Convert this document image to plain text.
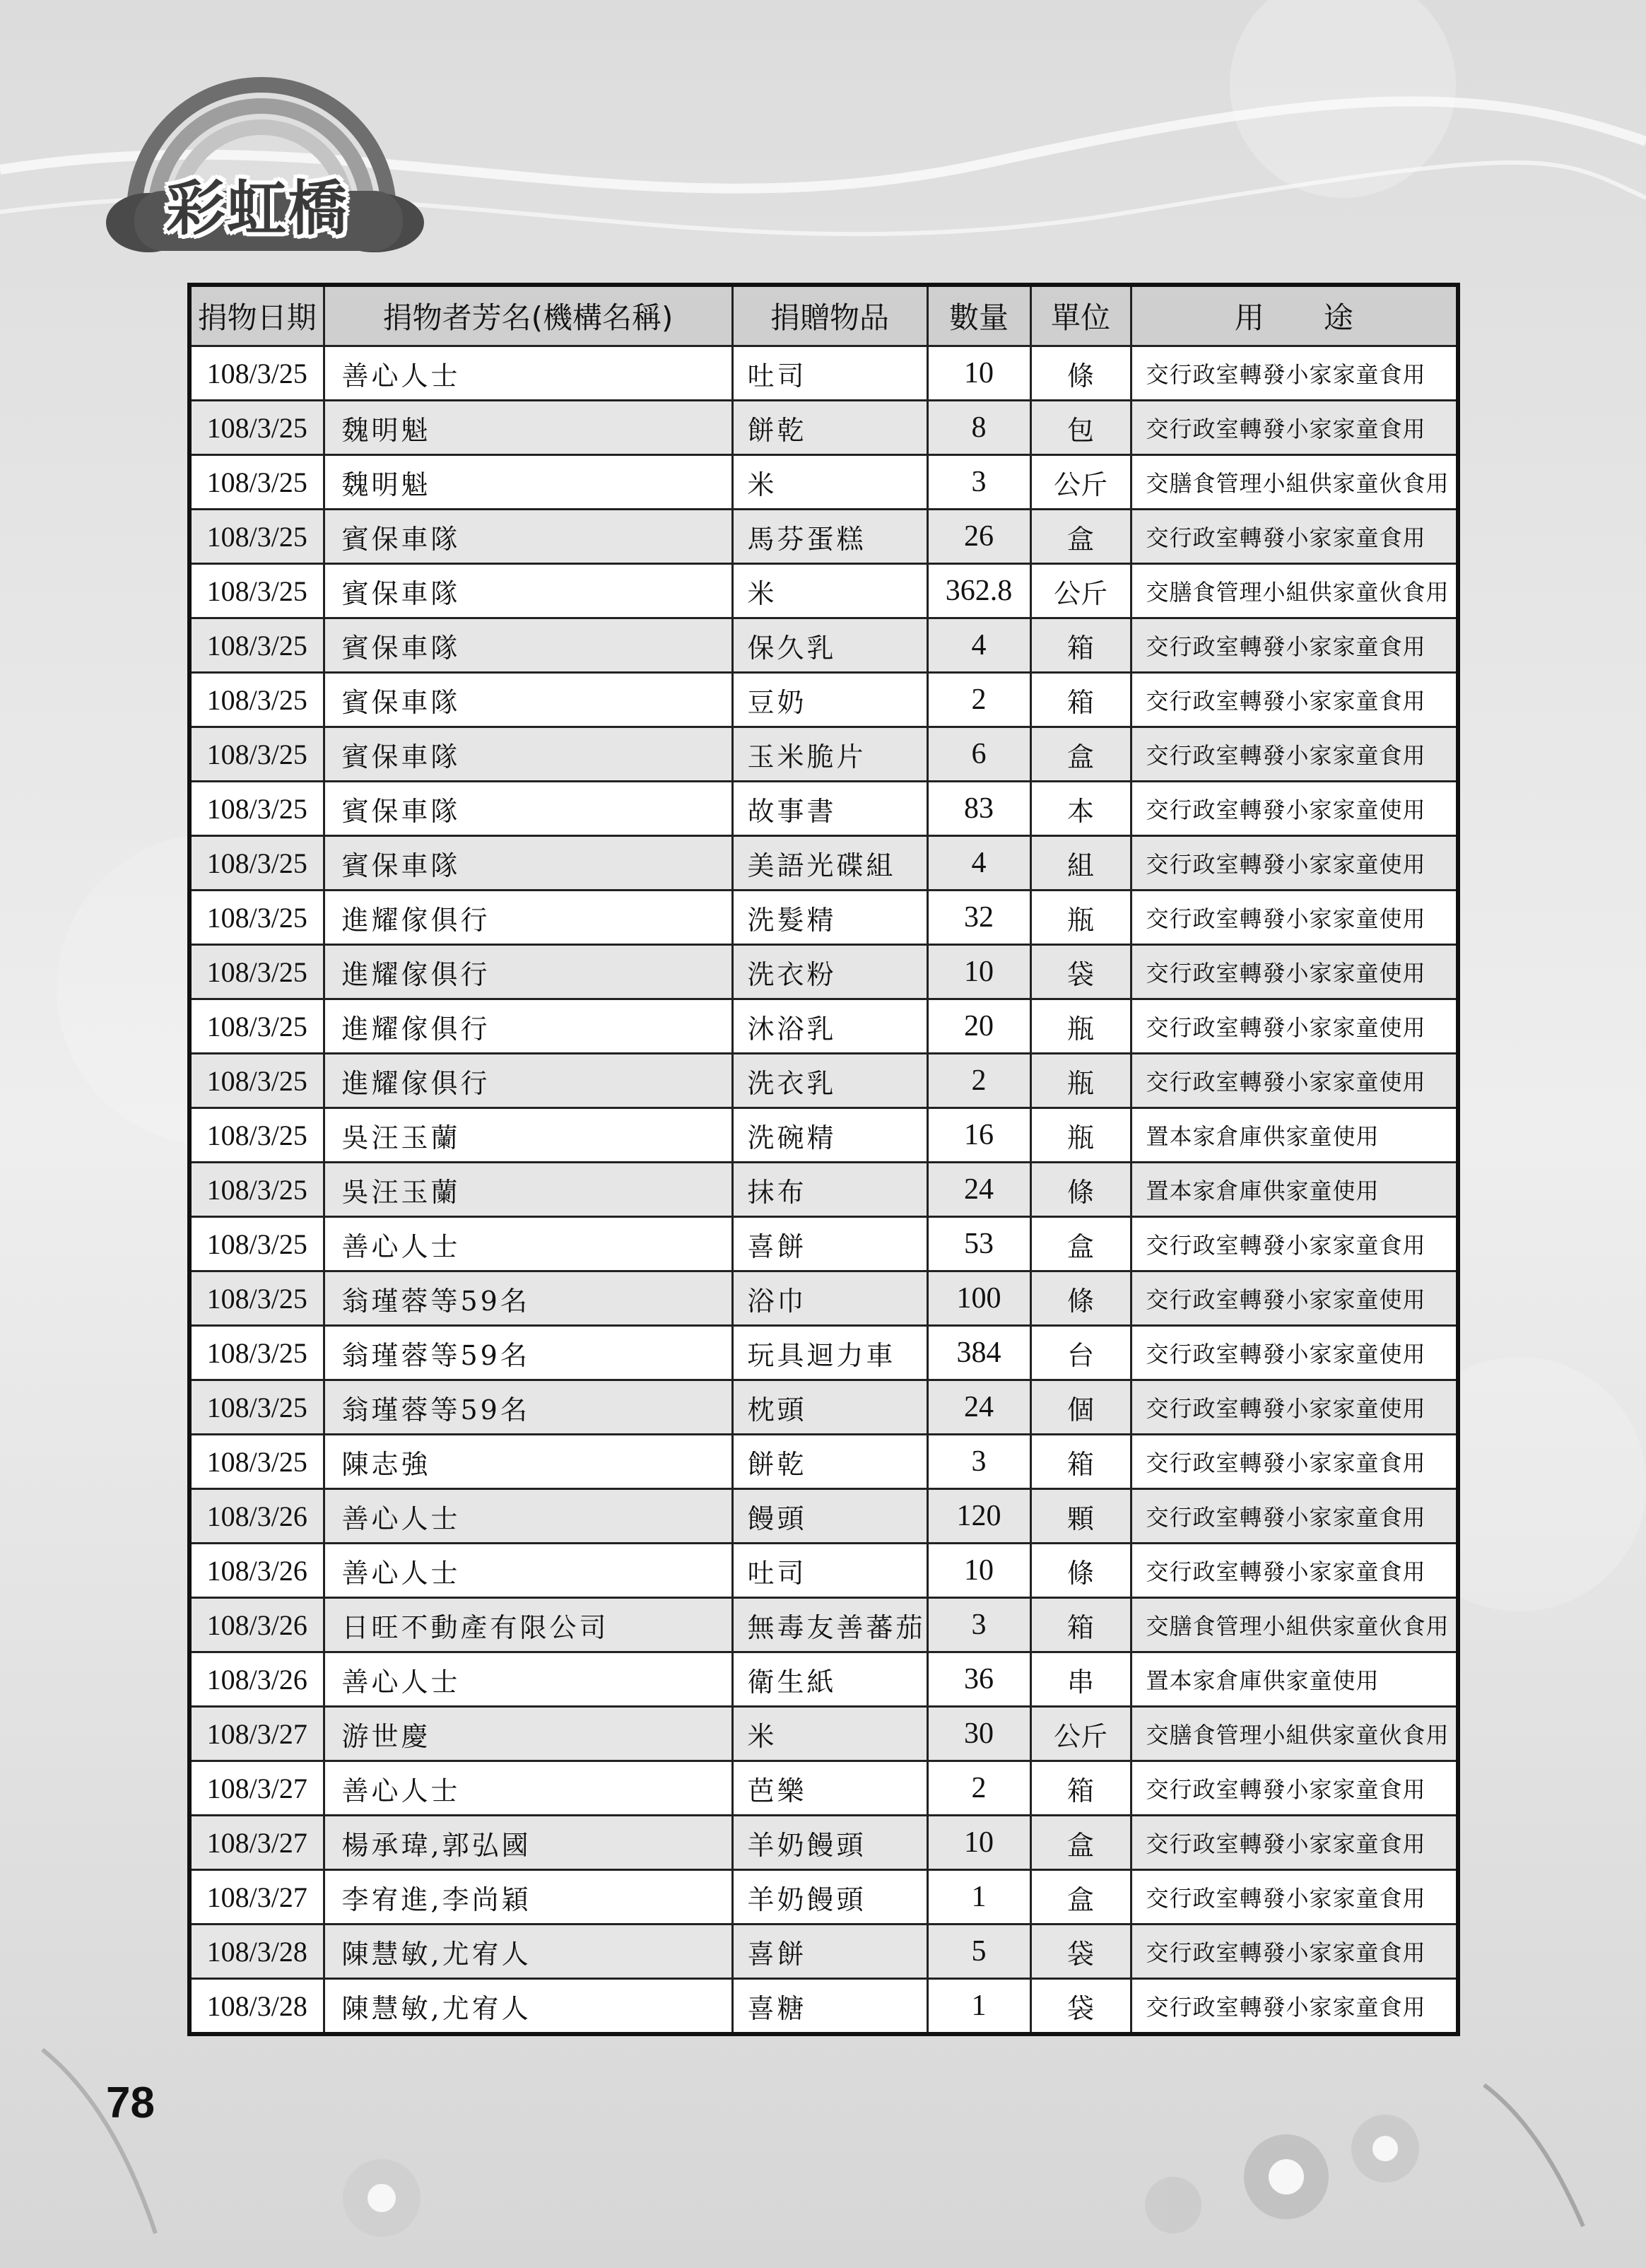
彩虹橋
捐物日期	捐物者芳名(機構名稱)	捐贈物品	數量	單位	用　　途
108/3/25	善心人士	吐司	10	條	交行政室轉發小家家童食用
108/3/25	魏明魁	餅乾	8	包	交行政室轉發小家家童食用
108/3/25	魏明魁	米	3	公斤	交膳食管理小組供家童伙食用
108/3/25	賓保車隊	馬芬蛋糕	26	盒	交行政室轉發小家家童食用
108/3/25	賓保車隊	米	362.8	公斤	交膳食管理小組供家童伙食用
108/3/25	賓保車隊	保久乳	4	箱	交行政室轉發小家家童食用
108/3/25	賓保車隊	豆奶	2	箱	交行政室轉發小家家童食用
108/3/25	賓保車隊	玉米脆片	6	盒	交行政室轉發小家家童食用
108/3/25	賓保車隊	故事書	83	本	交行政室轉發小家家童使用
108/3/25	賓保車隊	美語光碟組	4	組	交行政室轉發小家家童使用
108/3/25	進耀傢俱行	洗髮精	32	瓶	交行政室轉發小家家童使用
108/3/25	進耀傢俱行	洗衣粉	10	袋	交行政室轉發小家家童使用
108/3/25	進耀傢俱行	沐浴乳	20	瓶	交行政室轉發小家家童使用
108/3/25	進耀傢俱行	洗衣乳	2	瓶	交行政室轉發小家家童使用
108/3/25	吳汪玉蘭	洗碗精	16	瓶	置本家倉庫供家童使用
108/3/25	吳汪玉蘭	抹布	24	條	置本家倉庫供家童使用
108/3/25	善心人士	喜餅	53	盒	交行政室轉發小家家童食用
108/3/25	翁瑾蓉等59名	浴巾	100	條	交行政室轉發小家家童使用
108/3/25	翁瑾蓉等59名	玩具迴力車	384	台	交行政室轉發小家家童使用
108/3/25	翁瑾蓉等59名	枕頭	24	個	交行政室轉發小家家童使用
108/3/25	陳志強	餅乾	3	箱	交行政室轉發小家家童食用
108/3/26	善心人士	饅頭	120	顆	交行政室轉發小家家童食用
108/3/26	善心人士	吐司	10	條	交行政室轉發小家家童食用
108/3/26	日旺不動產有限公司	無毒友善蕃茄	3	箱	交膳食管理小組供家童伙食用
108/3/26	善心人士	衛生紙	36	串	置本家倉庫供家童使用
108/3/27	游世慶	米	30	公斤	交膳食管理小組供家童伙食用
108/3/27	善心人士	芭樂	2	箱	交行政室轉發小家家童食用
108/3/27	楊承瑋,郭弘國	羊奶饅頭	10	盒	交行政室轉發小家家童食用
108/3/27	李宥進,李尚穎	羊奶饅頭	1	盒	交行政室轉發小家家童食用
108/3/28	陳慧敏,尤宥人	喜餅	5	袋	交行政室轉發小家家童食用
108/3/28	陳慧敏,尤宥人	喜糖	1	袋	交行政室轉發小家家童食用
78
